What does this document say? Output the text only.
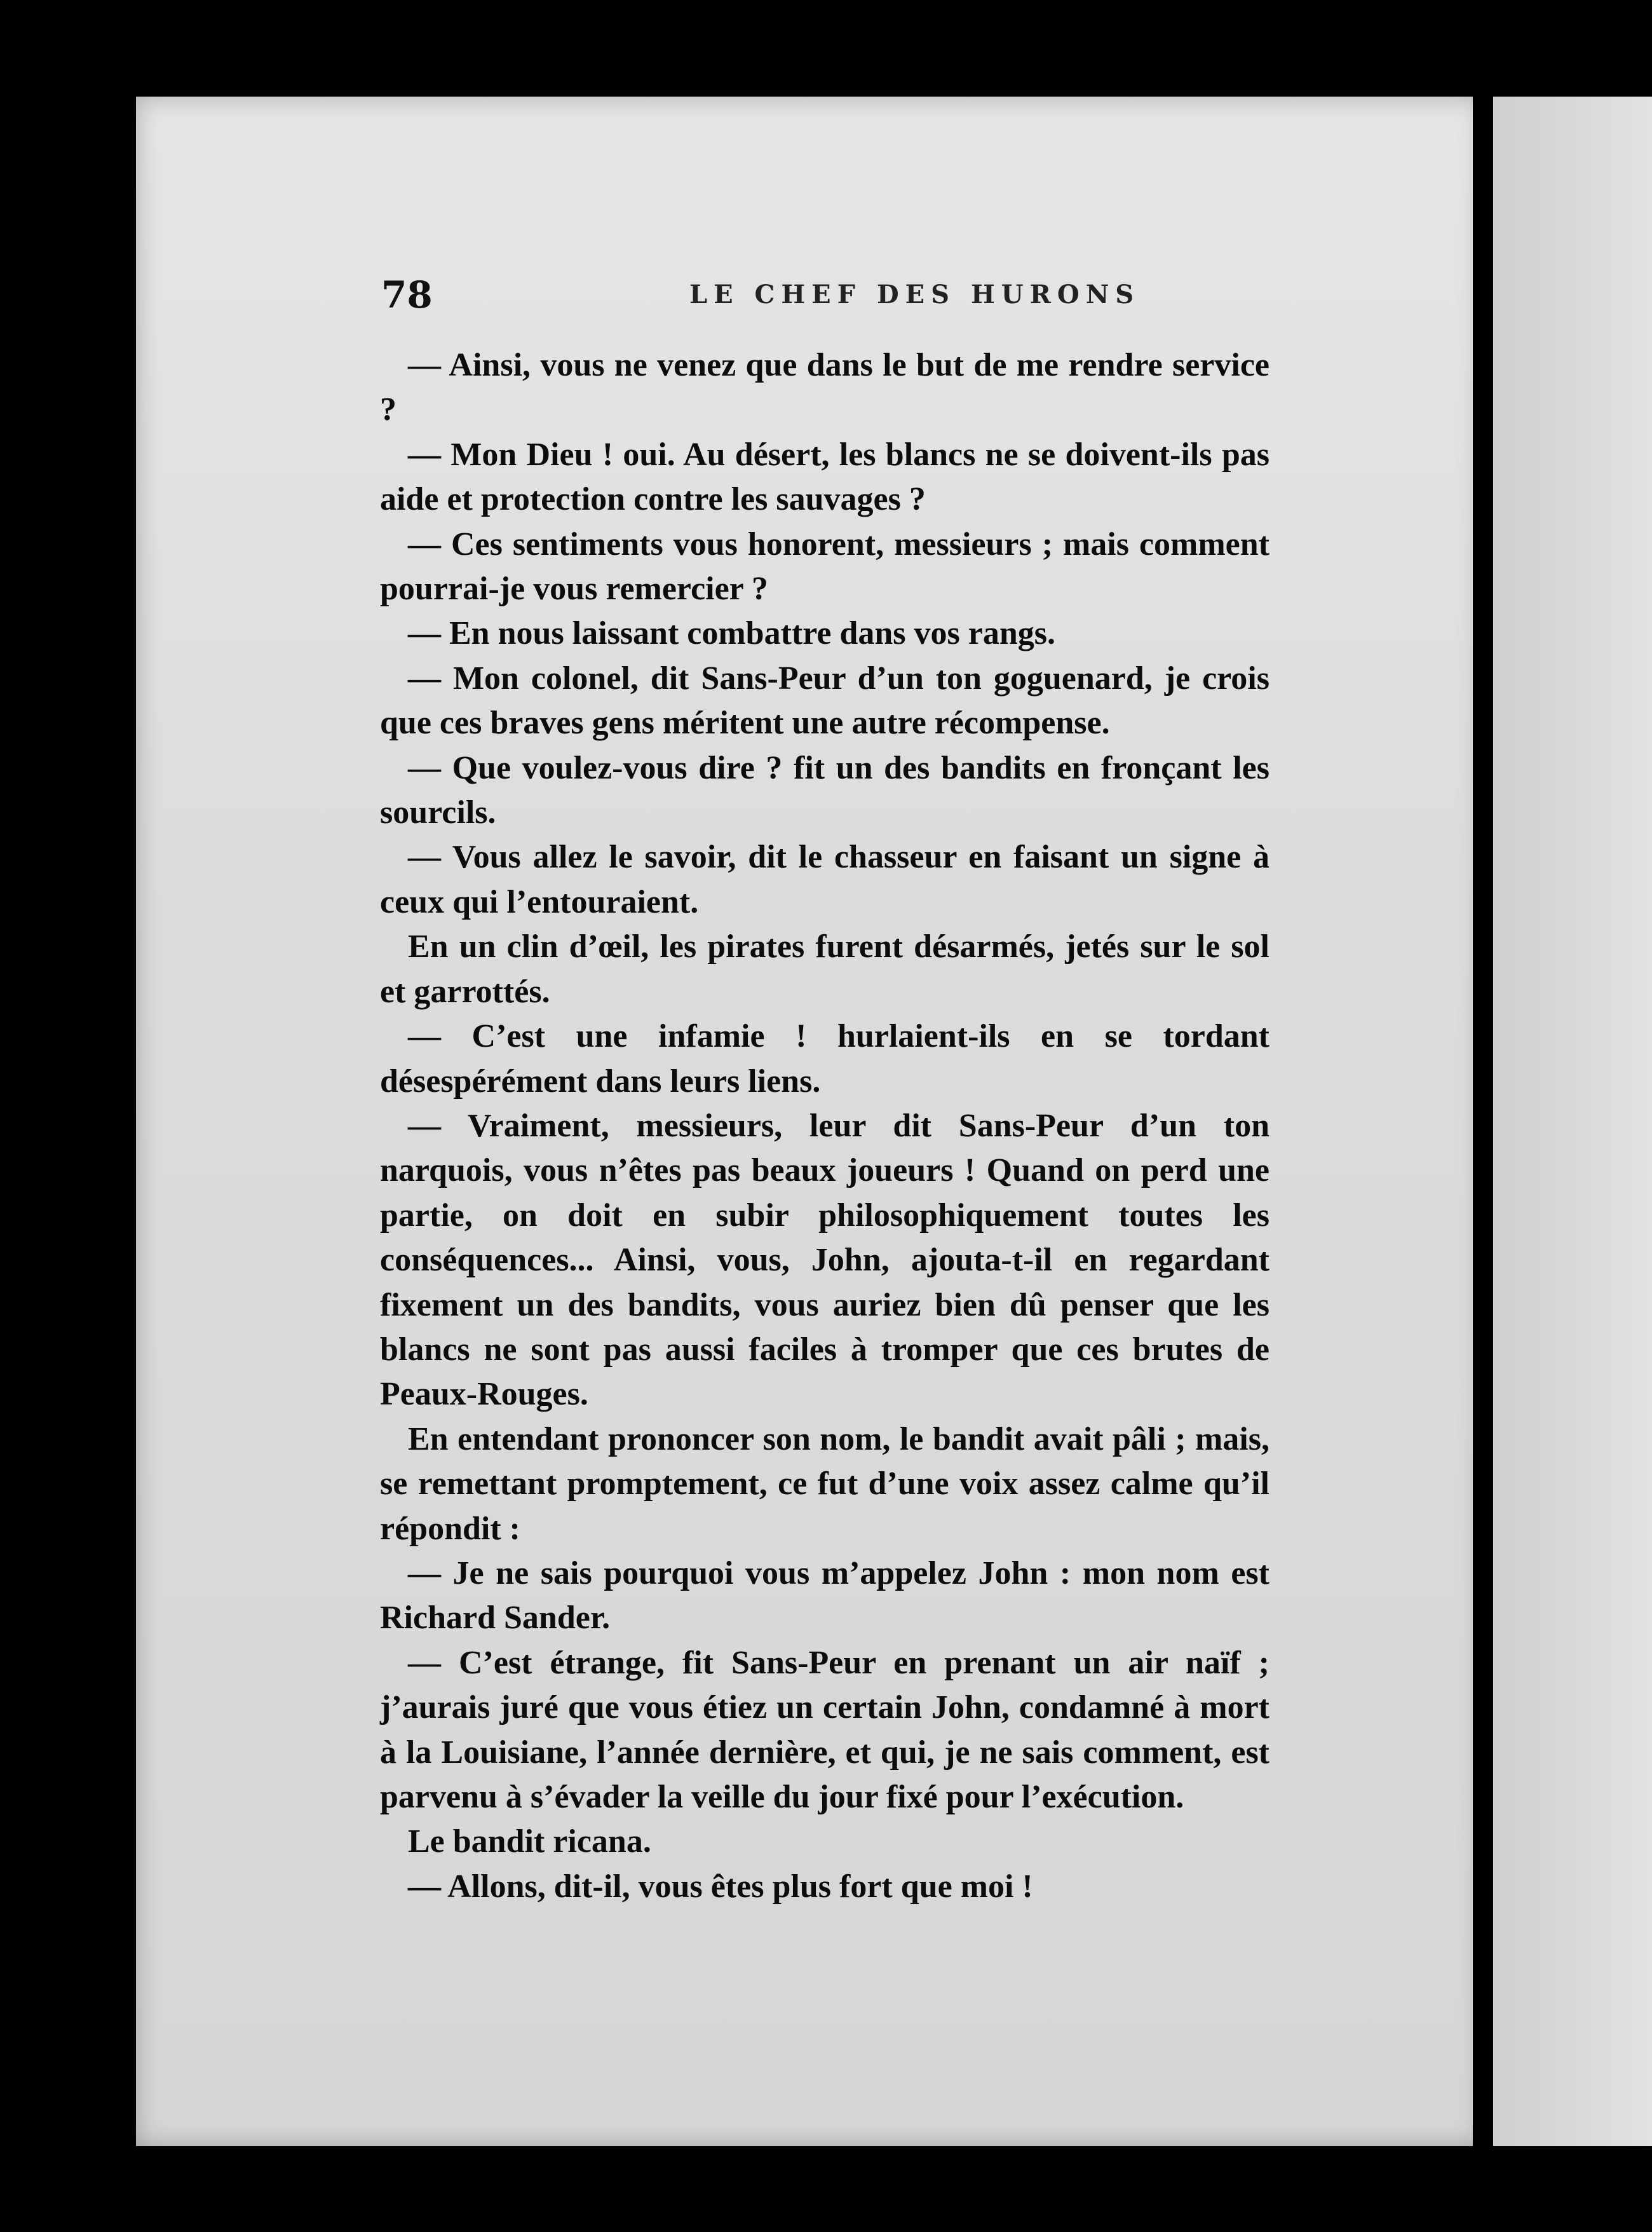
78	LE CHEF DES HURONS

— Ainsi, vous ne venez que dans le but de me rendre service ?

— Mon Dieu ! oui. Au désert, les blancs ne se doivent-ils pas aide et protection contre les sauvages ?

— Ces sentiments vous honorent, messieurs ; mais comment pourrai-je vous remercier ?

— En nous laissant combattre dans vos rangs.

— Mon colonel, dit Sans-Peur d’un ton goguenard, je crois que ces braves gens méritent une autre récompense.

— Que voulez-vous dire ? fit un des bandits en fronçant les sourcils.

— Vous allez le savoir, dit le chasseur en faisant un signe à ceux qui l’entouraient.

En un clin d’œil, les pirates furent désarmés, jetés sur le sol et garrottés.

— C’est une infamie ! hurlaient-ils en se tordant désespérément dans leurs liens.

— Vraiment, messieurs, leur dit Sans-Peur d’un ton narquois, vous n’êtes pas beaux joueurs ! Quand on perd une partie, on doit en subir philosophiquement toutes les conséquences... Ainsi, vous, John, ajouta-t-il en regardant fixement un des bandits, vous auriez bien dû penser que les blancs ne sont pas aussi faciles à tromper que ces brutes de Peaux-Rouges.

En entendant prononcer son nom, le bandit avait pâli ; mais, se remettant promptement, ce fut d’une voix assez calme qu’il répondit :

— Je ne sais pourquoi vous m’appelez John : mon nom est Richard Sander.

— C’est étrange, fit Sans-Peur en prenant un air naïf ; j’aurais juré que vous étiez un certain John, condamné à mort à la Louisiane, l’année dernière, et qui, je ne sais comment, est parvenu à s’évader la veille du jour fixé pour l’exécution.

Le bandit ricana.

— Allons, dit-il, vous êtes plus fort que moi !
